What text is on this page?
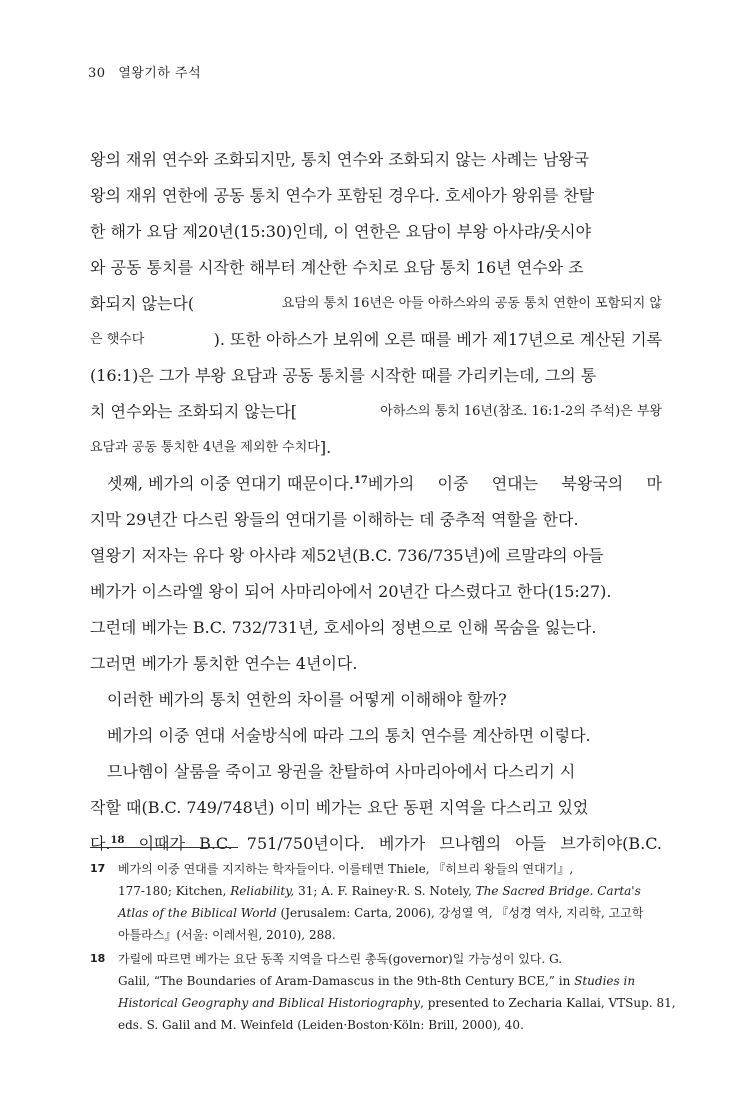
30 열왕기하 주석
왕의 재위 연수와 조화되지만, 통치 연수와 조화되지 않는 사례는 남왕국
왕의 재위 연한에 공동 통치 연수가 포함된 경우다. 호세아가 왕위를 찬탈
한 해가 요담 제20년(15:30)인데, 이 연한은 요담이 부왕 아사랴/웃시야
와 공동 통치를 시작한 해부터 계산한 수치로 요담 통치 16년 연수와 조
화되지 않는다(	요담의 통치 16년은 아들 아하스와의 공동 통치 연한이 포함되지 않
은 햇수다	). 또한 아하스가 보위에 오른 때를 베가 제17년으로 계산된 기록
(16:1)은 그가 부왕 요담과 공동 통치를 시작한 때를 가리키는데, 그의 통
치 연수와는 조화되지 않는다[	아하스의 통치 16년(참조. 16:1-2의 주석)은 부왕
요담과 공동 통치한 4년을 제외한 수치다 ].
셋째, 베가의 이중 연대기 때문이다. $^{17}$베가의 이중 연대는 북왕국의 마
지막 29년간 다스린 왕들의 연대기를 이해하는 데 중추적 역할을 한다.
열왕기 저자는 유다 왕 아사랴 제52년(B.C. 736/735년)에 르말랴의 아들
베가가 이스라엘 왕이 되어 사마리아에서 20년간 다스렸다고 한다(15:27).
그런데 베가는 B.C. 732/731년, 호세아의 정변으로 인해 목숨을 잃는다.
그러면 베가가 통치한 연수는 4년이다.
이러한 베가의 통치 연한의 차이를 어떻게 이해해야 할까?
베가의 이중 연대 서술방식에 따라 그의 통치 연수를 계산하면 이렇다.
므나헴이 살룸을 죽이고 왕권을 찬탈하여 사마리아에서 다스리기 시
작할 때(B.C. 749/748년) 이미 베가는 요단 동편 지역을 다스리고 있었
다.$^{18}$ 이때가 B.C. 751/750년이다. 베가가 므나헴의 아들 브가히야(B.C.
17 베가의 이중 연대를 지지하는 학자들이다. 이를테면 Thiele, 『히브리 왕들의 연대기』,
177-180; Kitchen, Reliability, 31; A. F. Rainey·R. S. Notely, The Sacred Bridge. Carta's
Atlas of the Biblical World (Jerusalem: Carta, 2006), 강성열 역, 『성경 역사, 지리학, 고고학
아틀라스』(서울: 이레서원, 2010), 288.
18 가릴에 따르면 베가는 요단 동쪽 지역을 다스린 총독(governor)일 가능성이 있다. G.
Galil, “The Boundaries of Aram-Damascus in the 9th-8th Century BCE,” in Studies in
Historical Geography and Biblical Historiography, presented to Zecharia Kallai, VTSup. 81,
eds. S. Galil and M. Weinfeld (Leiden·Boston·Köln: Brill, 2000), 40.
